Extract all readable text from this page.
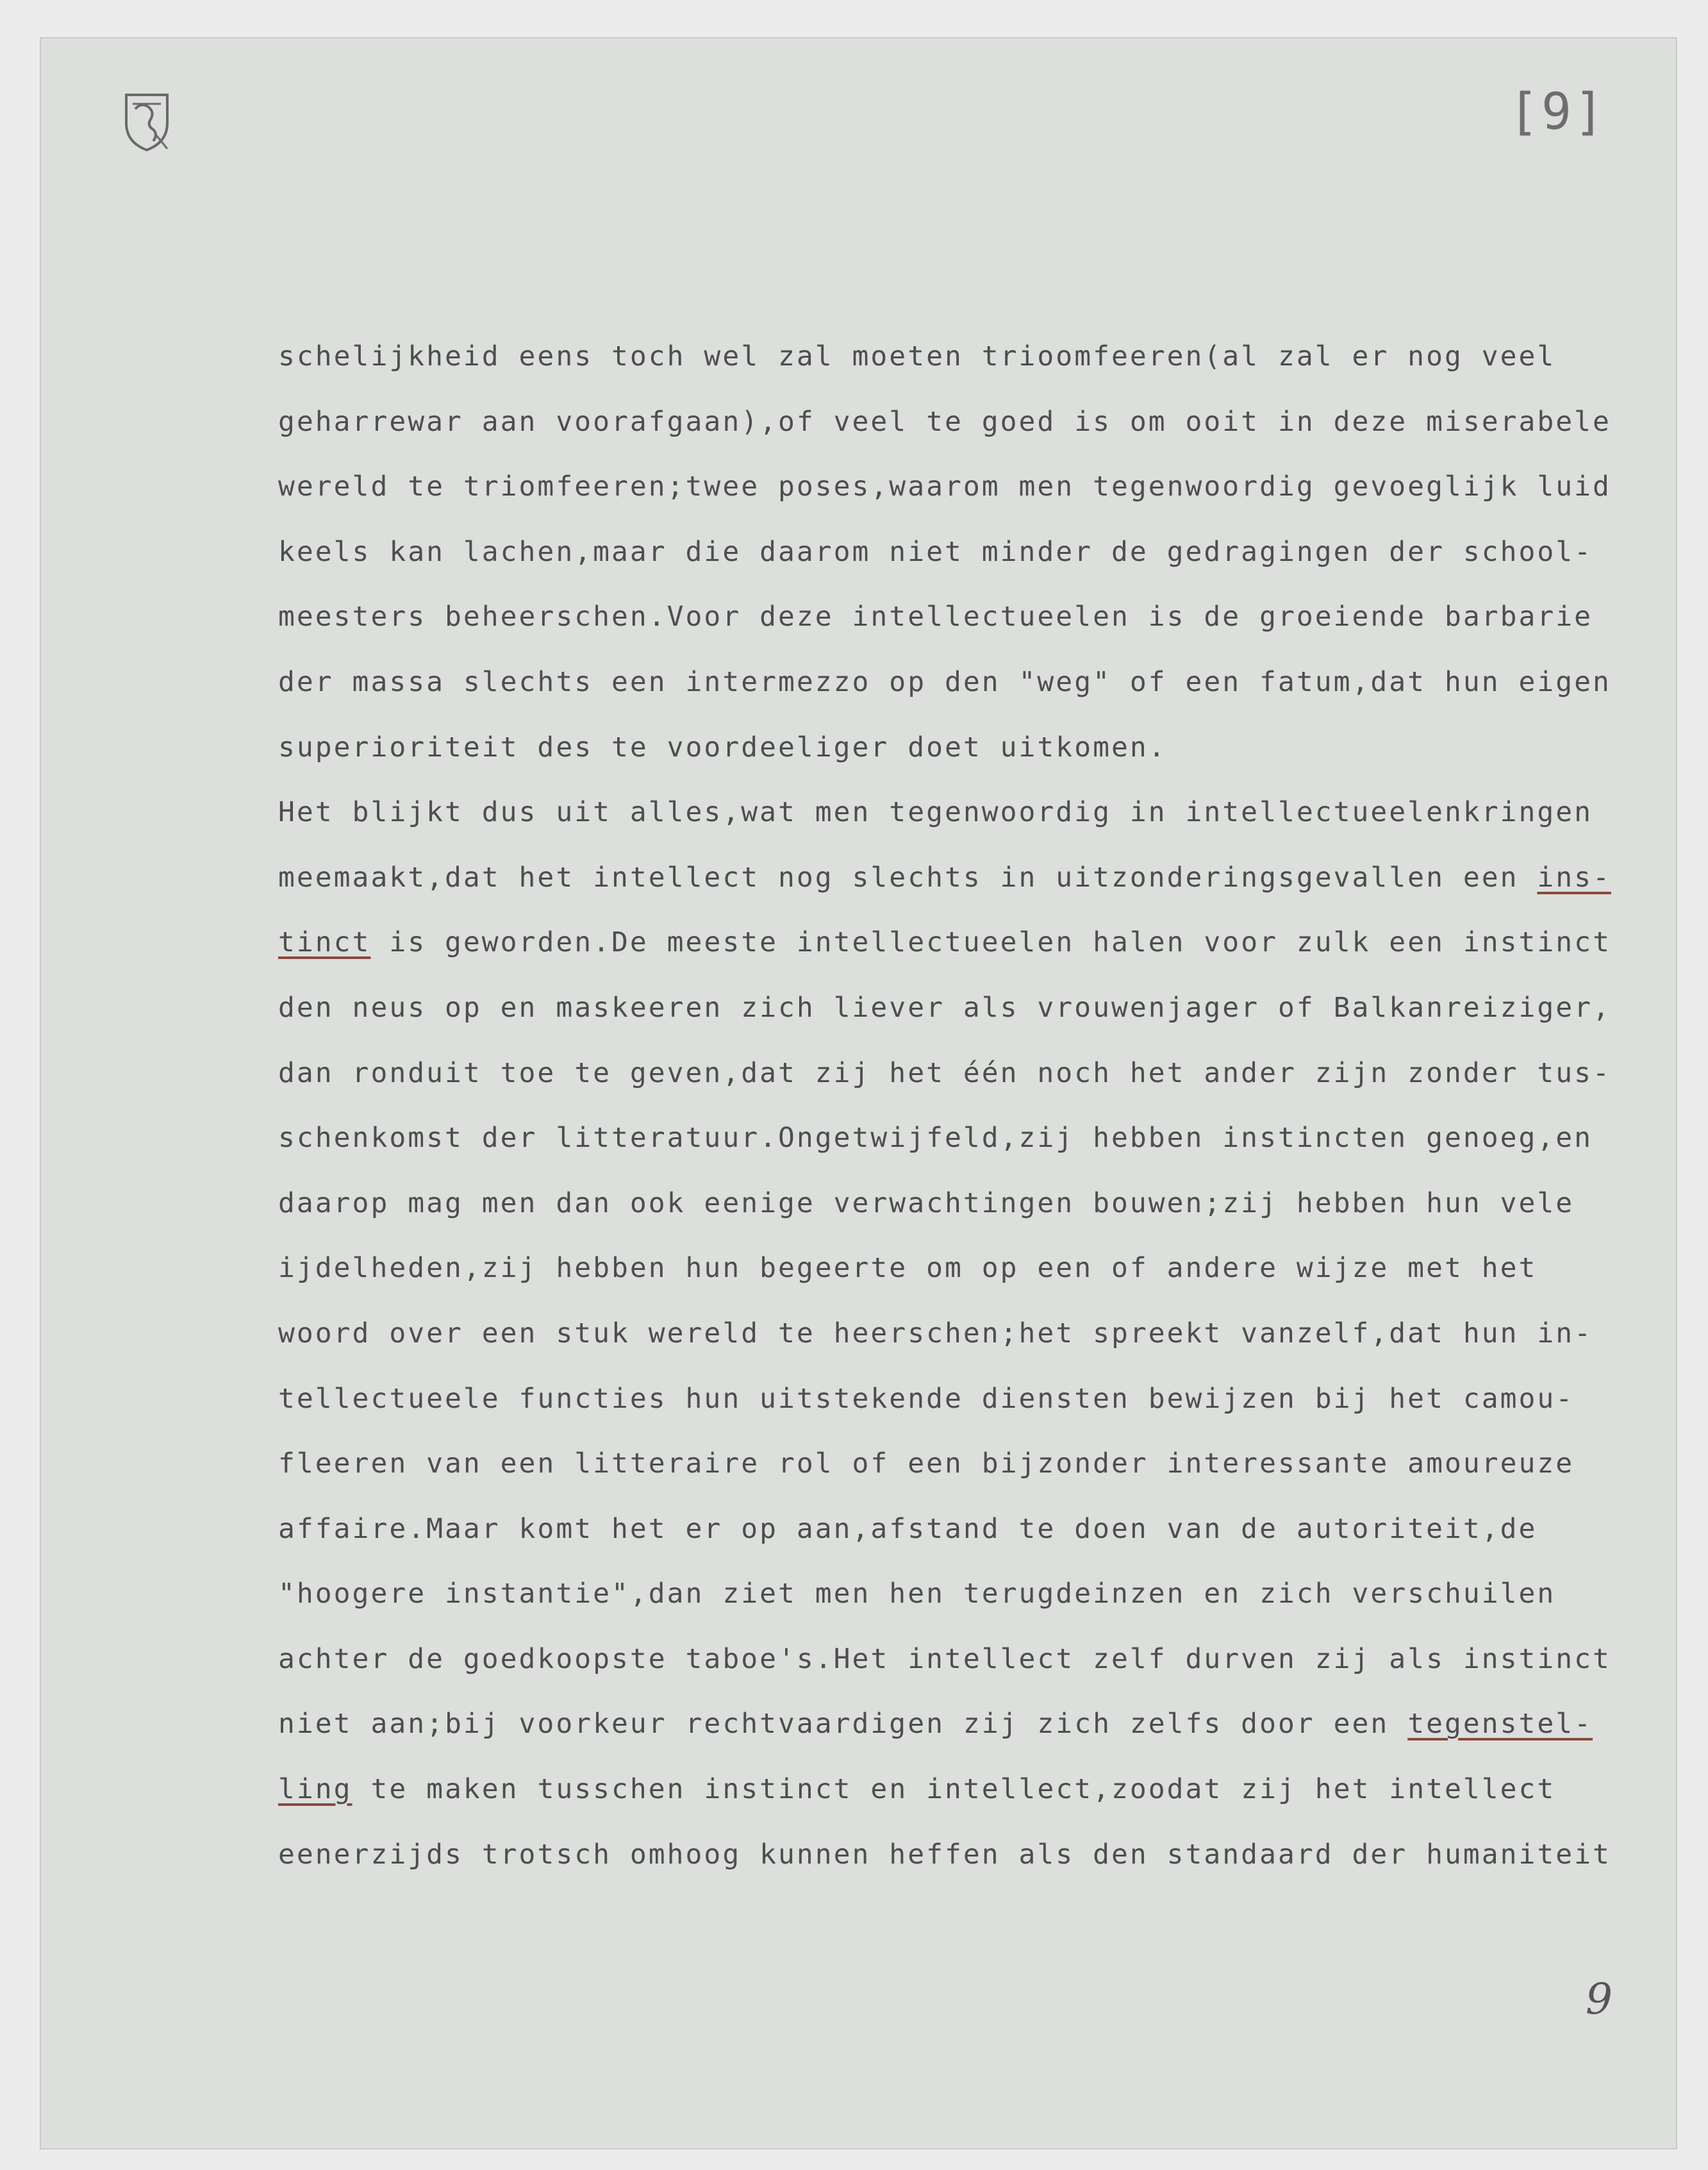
[9]
schelijkheid eens toch wel zal moeten trioomfeeren(al zal er nog veel
geharrewar aan voorafgaan),of veel te goed is om ooit in deze miserabele
wereld te triomfeeren;twee poses,waarom men tegenwoordig gevoeglijk luid
keels kan lachen,maar die daarom niet minder de gedragingen der school-
meesters beheerschen.Voor deze intellectueelen is de groeiende barbarie
der massa slechts een intermezzo op den "weg" of een fatum,dat hun eigen
superioriteit des te voordeeliger doet uitkomen.
Het blijkt dus uit alles,wat men tegenwoordig in intellectueelenkringen
meemaakt,dat het intellect nog slechts in uitzonderingsgevallen een ins-
tinct is geworden.De meeste intellectueelen halen voor zulk een instinct
den neus op en maskeeren zich liever als vrouwenjager of Balkanreiziger,
dan ronduit toe te geven,dat zij het één noch het ander zijn zonder tus-
schenkomst der litteratuur.Ongetwijfeld,zij hebben instincten genoeg,en
daarop mag men dan ook eenige verwachtingen bouwen;zij hebben hun vele
ijdelheden,zij hebben hun begeerte om op een of andere wijze met het
woord over een stuk wereld te heerschen;het spreekt vanzelf,dat hun in-
tellectueele functies hun uitstekende diensten bewijzen bij het camou-
fleeren van een litteraire rol of een bijzonder interessante amoureuze
affaire.Maar komt het er op aan,afstand te doen van de autoriteit,de
"hoogere instantie",dan ziet men hen terugdeinzen en zich verschuilen
achter de goedkoopste taboe's.Het intellect zelf durven zij als instinct
niet aan;bij voorkeur rechtvaardigen zij zich zelfs door een tegenstel-
ling te maken tusschen instinct en intellect,zoodat zij het intellect
eenerzijds trotsch omhoog kunnen heffen als den standaard der humaniteit
9
